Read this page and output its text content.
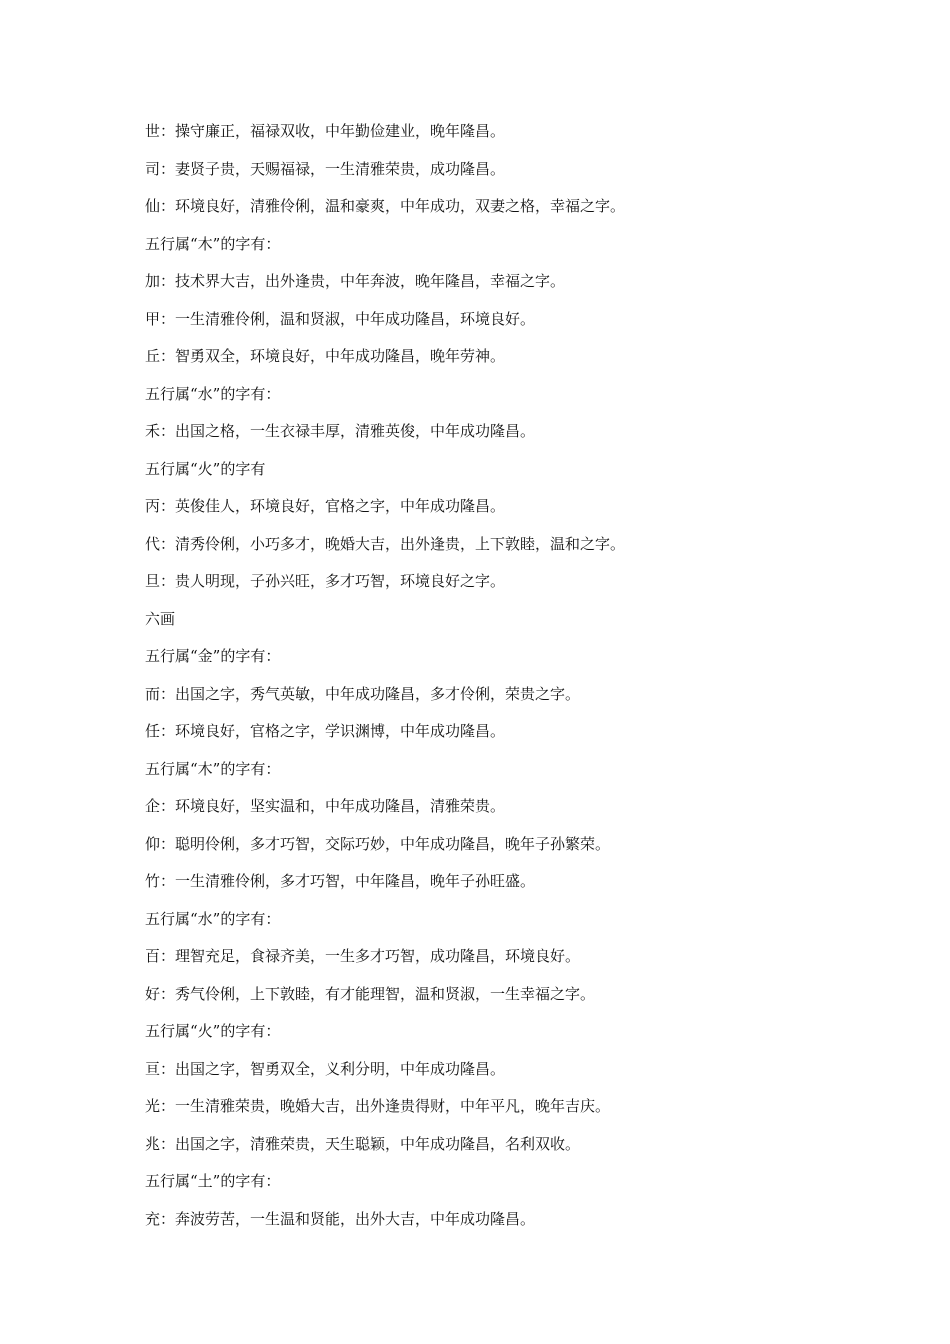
世：操守廉正，福禄双收，中年勤俭建业，晚年隆昌。
司：妻贤子贵，天赐福禄，一生清雅荣贵，成功隆昌。
仙：环境良好，清雅伶俐，温和豪爽，中年成功，双妻之格，幸福之字。
五行属“木”的字有：
加：技术界大吉，出外逢贵，中年奔波，晚年隆昌，幸福之字。
甲：一生清雅伶俐，温和贤淑，中年成功隆昌，环境良好。
丘：智勇双全，环境良好，中年成功隆昌，晚年劳神。
五行属“水”的字有：
禾：出国之格，一生衣禄丰厚，清雅英俊，中年成功隆昌。
五行属“火”的字有
丙：英俊佳人，环境良好，官格之字，中年成功隆昌。
代：清秀伶俐，小巧多才，晚婚大吉，出外逢贵，上下敦睦，温和之字。
旦：贵人明现，子孙兴旺，多才巧智，环境良好之字。
六画
五行属“金”的字有：
而：出国之字，秀气英敏，中年成功隆昌，多才伶俐，荣贵之字。
任：环境良好，官格之字，学识渊博，中年成功隆昌。
五行属“木”的字有：
企：环境良好，坚实温和，中年成功隆昌，清雅荣贵。
仰：聪明伶俐，多才巧智，交际巧妙，中年成功隆昌，晚年子孙繁荣。
竹：一生清雅伶俐，多才巧智，中年隆昌，晚年子孙旺盛。
五行属“水”的字有：
百：理智充足，食禄齐美，一生多才巧智，成功隆昌，环境良好。
好：秀气伶俐，上下敦睦，有才能理智，温和贤淑，一生幸福之字。
五行属“火”的字有：
亘：出国之字，智勇双全，义利分明，中年成功隆昌。
光：一生清雅荣贵，晚婚大吉，出外逢贵得财，中年平凡，晚年吉庆。
兆：出国之字，清雅荣贵，天生聪颖，中年成功隆昌，名利双收。
五行属“土”的字有：
充：奔波劳苦，一生温和贤能，出外大吉，中年成功隆昌。
